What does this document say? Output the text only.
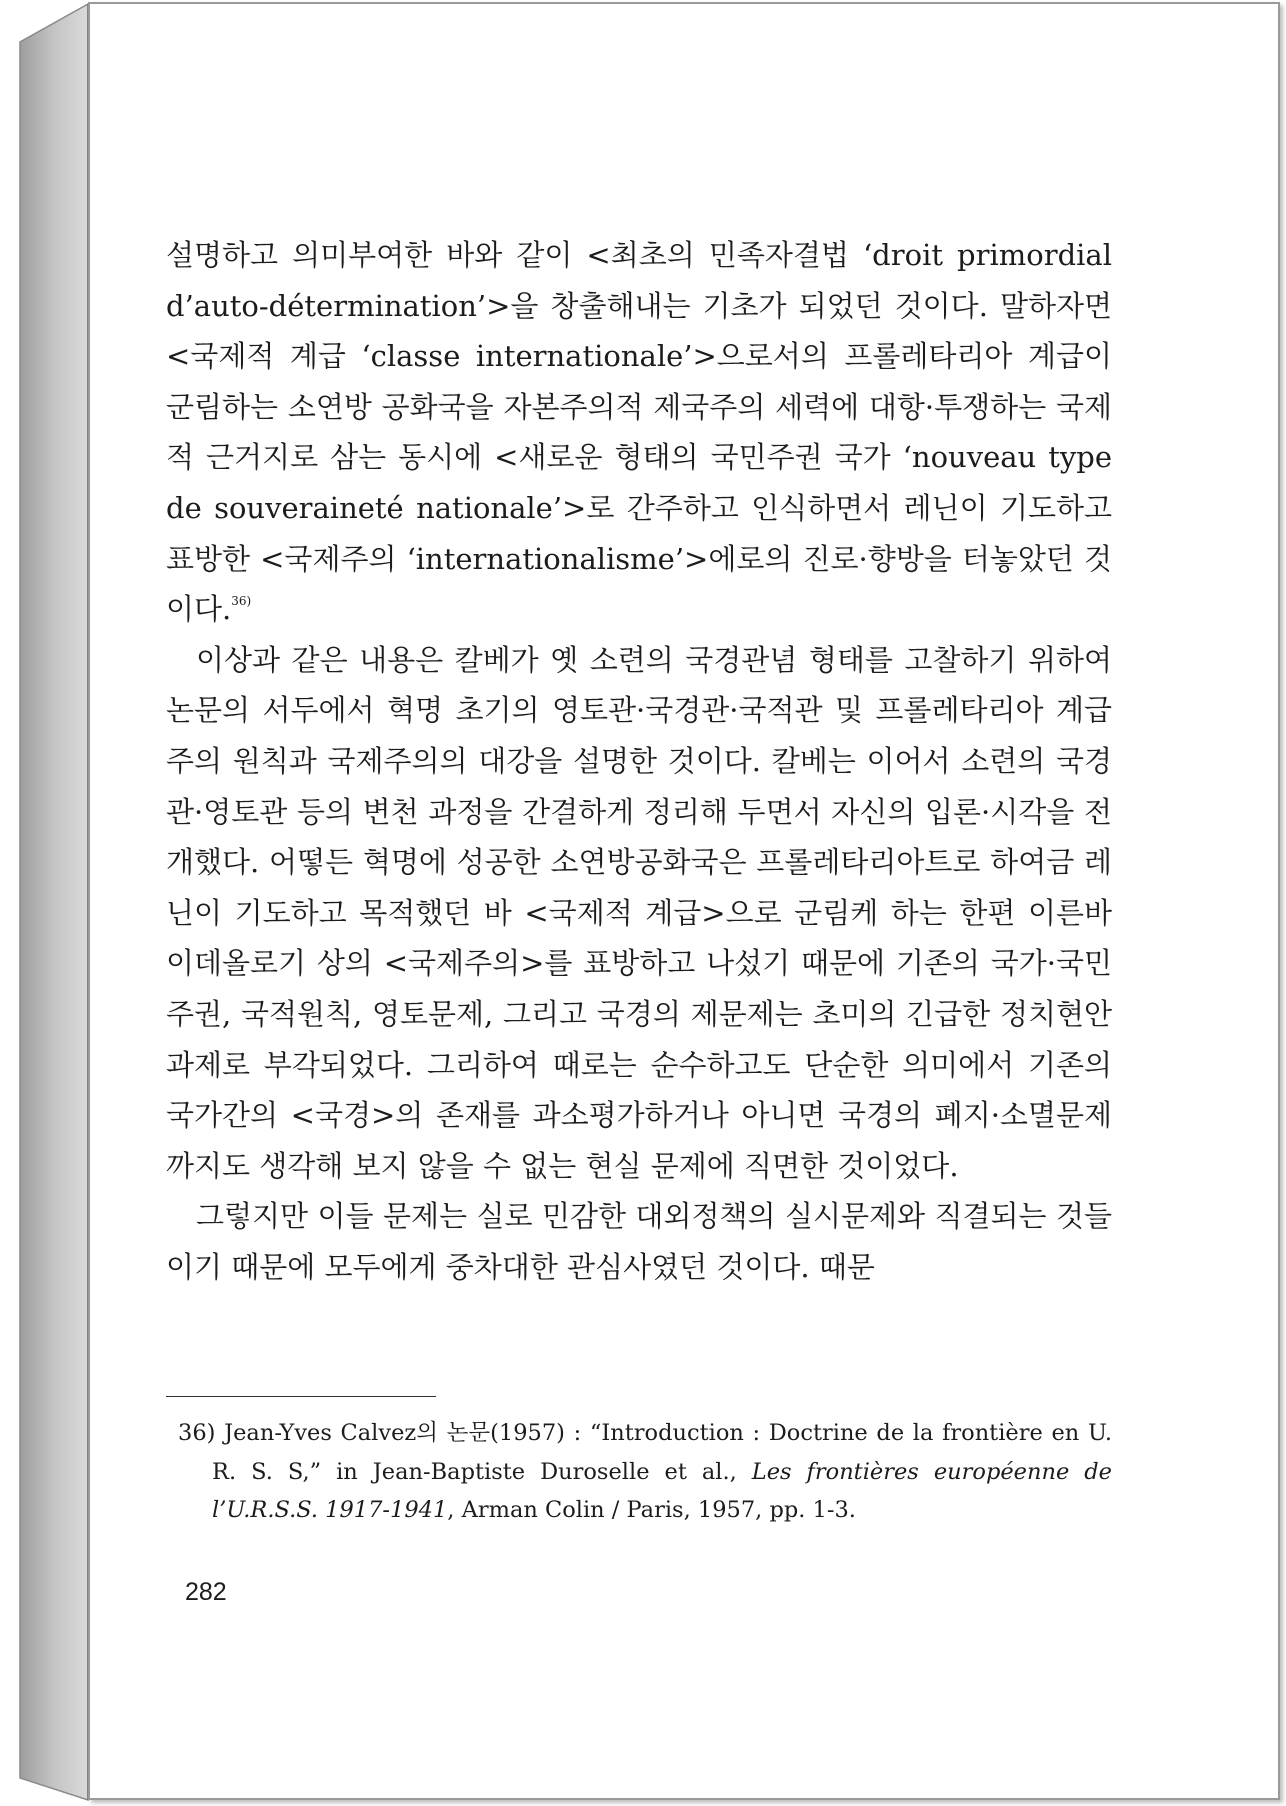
설명하고 의미부여한 바와 같이 <최초의 민족자결법 ‘droit primordial d’auto-détermination’>을 창출해내는 기초가 되었던 것이다. 말하자면 <국제적 계급 ‘classe internationale’>으로서의 프롤레타리아 계급이 군림하는 소연방 공화국을 자본주의적 제국주의 세력에 대항·투쟁하는 국제적 근거지로 삼는 동시에 <새로운 형태의 국민주권 국가 ‘nouveau type de souveraineté nationale’>로 간주하고 인식하면서 레닌이 기도하고 표방한 <국제주의 ‘internationalisme’>에로의 진로·향방을 터놓았던 것이다.$^{36)}$

이상과 같은 내용은 칼베가 옛 소련의 국경관념 형태를 고찰하기 위하여 논문의 서두에서 혁명 초기의 영토관·국경관·국적관 및 프롤레타리아 계급주의 원칙과 국제주의의 대강을 설명한 것이다. 칼베는 이어서 소련의 국경관·영토관 등의 변천 과정을 간결하게 정리해 두면서 자신의 입론·시각을 전개했다. 어떻든 혁명에 성공한 소연방공화국은 프롤레타리아트로 하여금 레닌이 기도하고 목적했던 바 <국제적 계급>으로 군림케 하는 한편 이른바 이데올로기 상의 <국제주의>를 표방하고 나섰기 때문에 기존의 국가·국민주권, 국적원칙, 영토문제, 그리고 국경의 제문제는 초미의 긴급한 정치현안 과제로 부각되었다. 그리하여 때로는 순수하고도 단순한 의미에서 기존의 국가간의 <국경>의 존재를 과소평가하거나 아니면 국경의 폐지·소멸문제까지도 생각해 보지 않을 수 없는 현실 문제에 직면한 것이었다.

그렇지만 이들 문제는 실로 민감한 대외정책의 실시문제와 직결되는 것들이기 때문에 모두에게 중차대한 관심사였던 것이다. 때문

36) Jean-Yves Calvez의 논문(1957) : “Introduction : Doctrine de la frontière en U. R. S. S,” in Jean-Baptiste Duroselle et al., Les frontières européenne de l’U.R.S.S. 1917-1941, Arman Colin / Paris, 1957, pp. 1-3.
282
